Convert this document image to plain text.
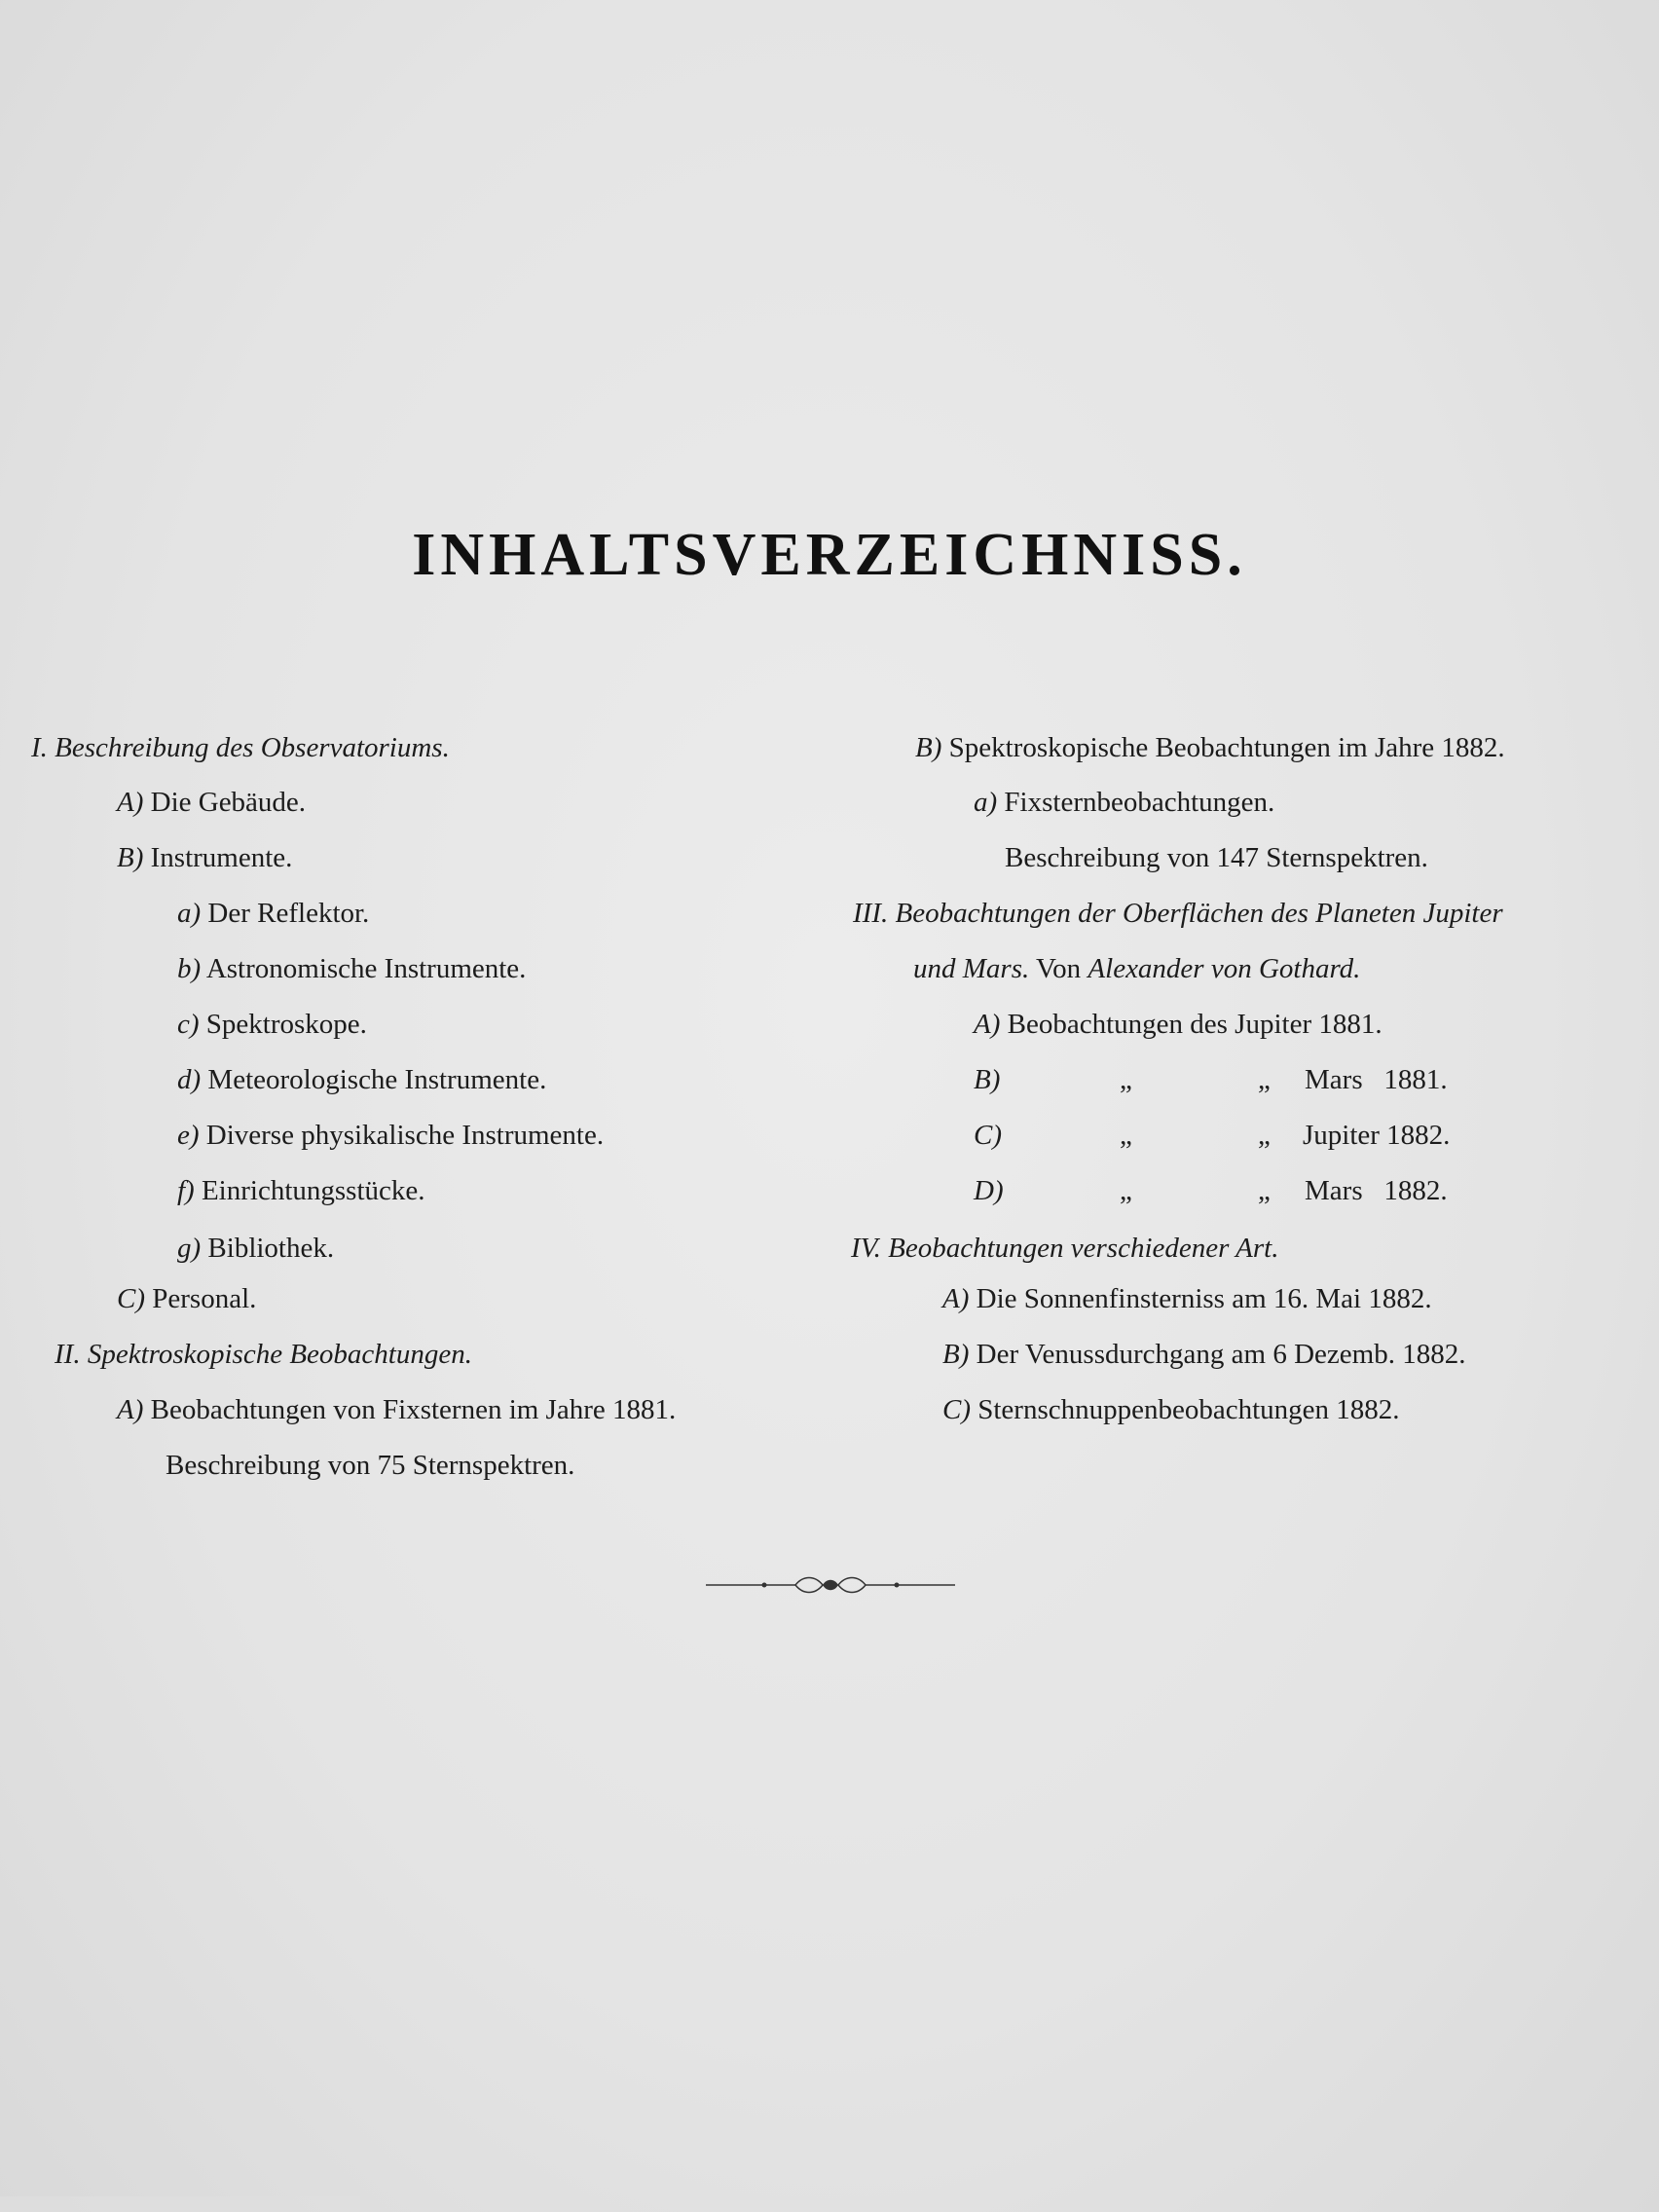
INHALTSVERZEICHNISS.
I. Beschreibung des Observatoriums.
A) Die Gebäude.
B) Instrumente.
a) Der Reflektor.
b) Astronomische Instrumente.
c) Spektroskope.
d) Meteorologische Instrumente.
e) Diverse physikalische Instrumente.
f) Einrichtungsstücke.
g) Bibliothek.
C) Personal.
II. Spektroskopische Beobachtungen.
A) Beobachtungen von Fixsternen im Jahre 1881.
Beschreibung von 75 Sternspektren.
B) Spektroskopische Beobachtungen im Jahre 1882.
a) Fixsternbeobachtungen.
Beschreibung von 147 Sternspektren.
III. Beobachtungen der Oberflächen des Planeten Jupiter
und Mars. Von Alexander von Gothard.
A) Beobachtungen des Jupiter 1881.
B)	„	„ Mars   1881.
C)	„	„ Jupiter 1882.
D)	„	„ Mars   1882.
IV. Beobachtungen verschiedener Art.
A) Die Sonnenfinsterniss am 16. Mai 1882.
B) Der Venussdurchgang am 6 Dezemb. 1882.
C) Sternschnuppenbeobachtungen 1882.
